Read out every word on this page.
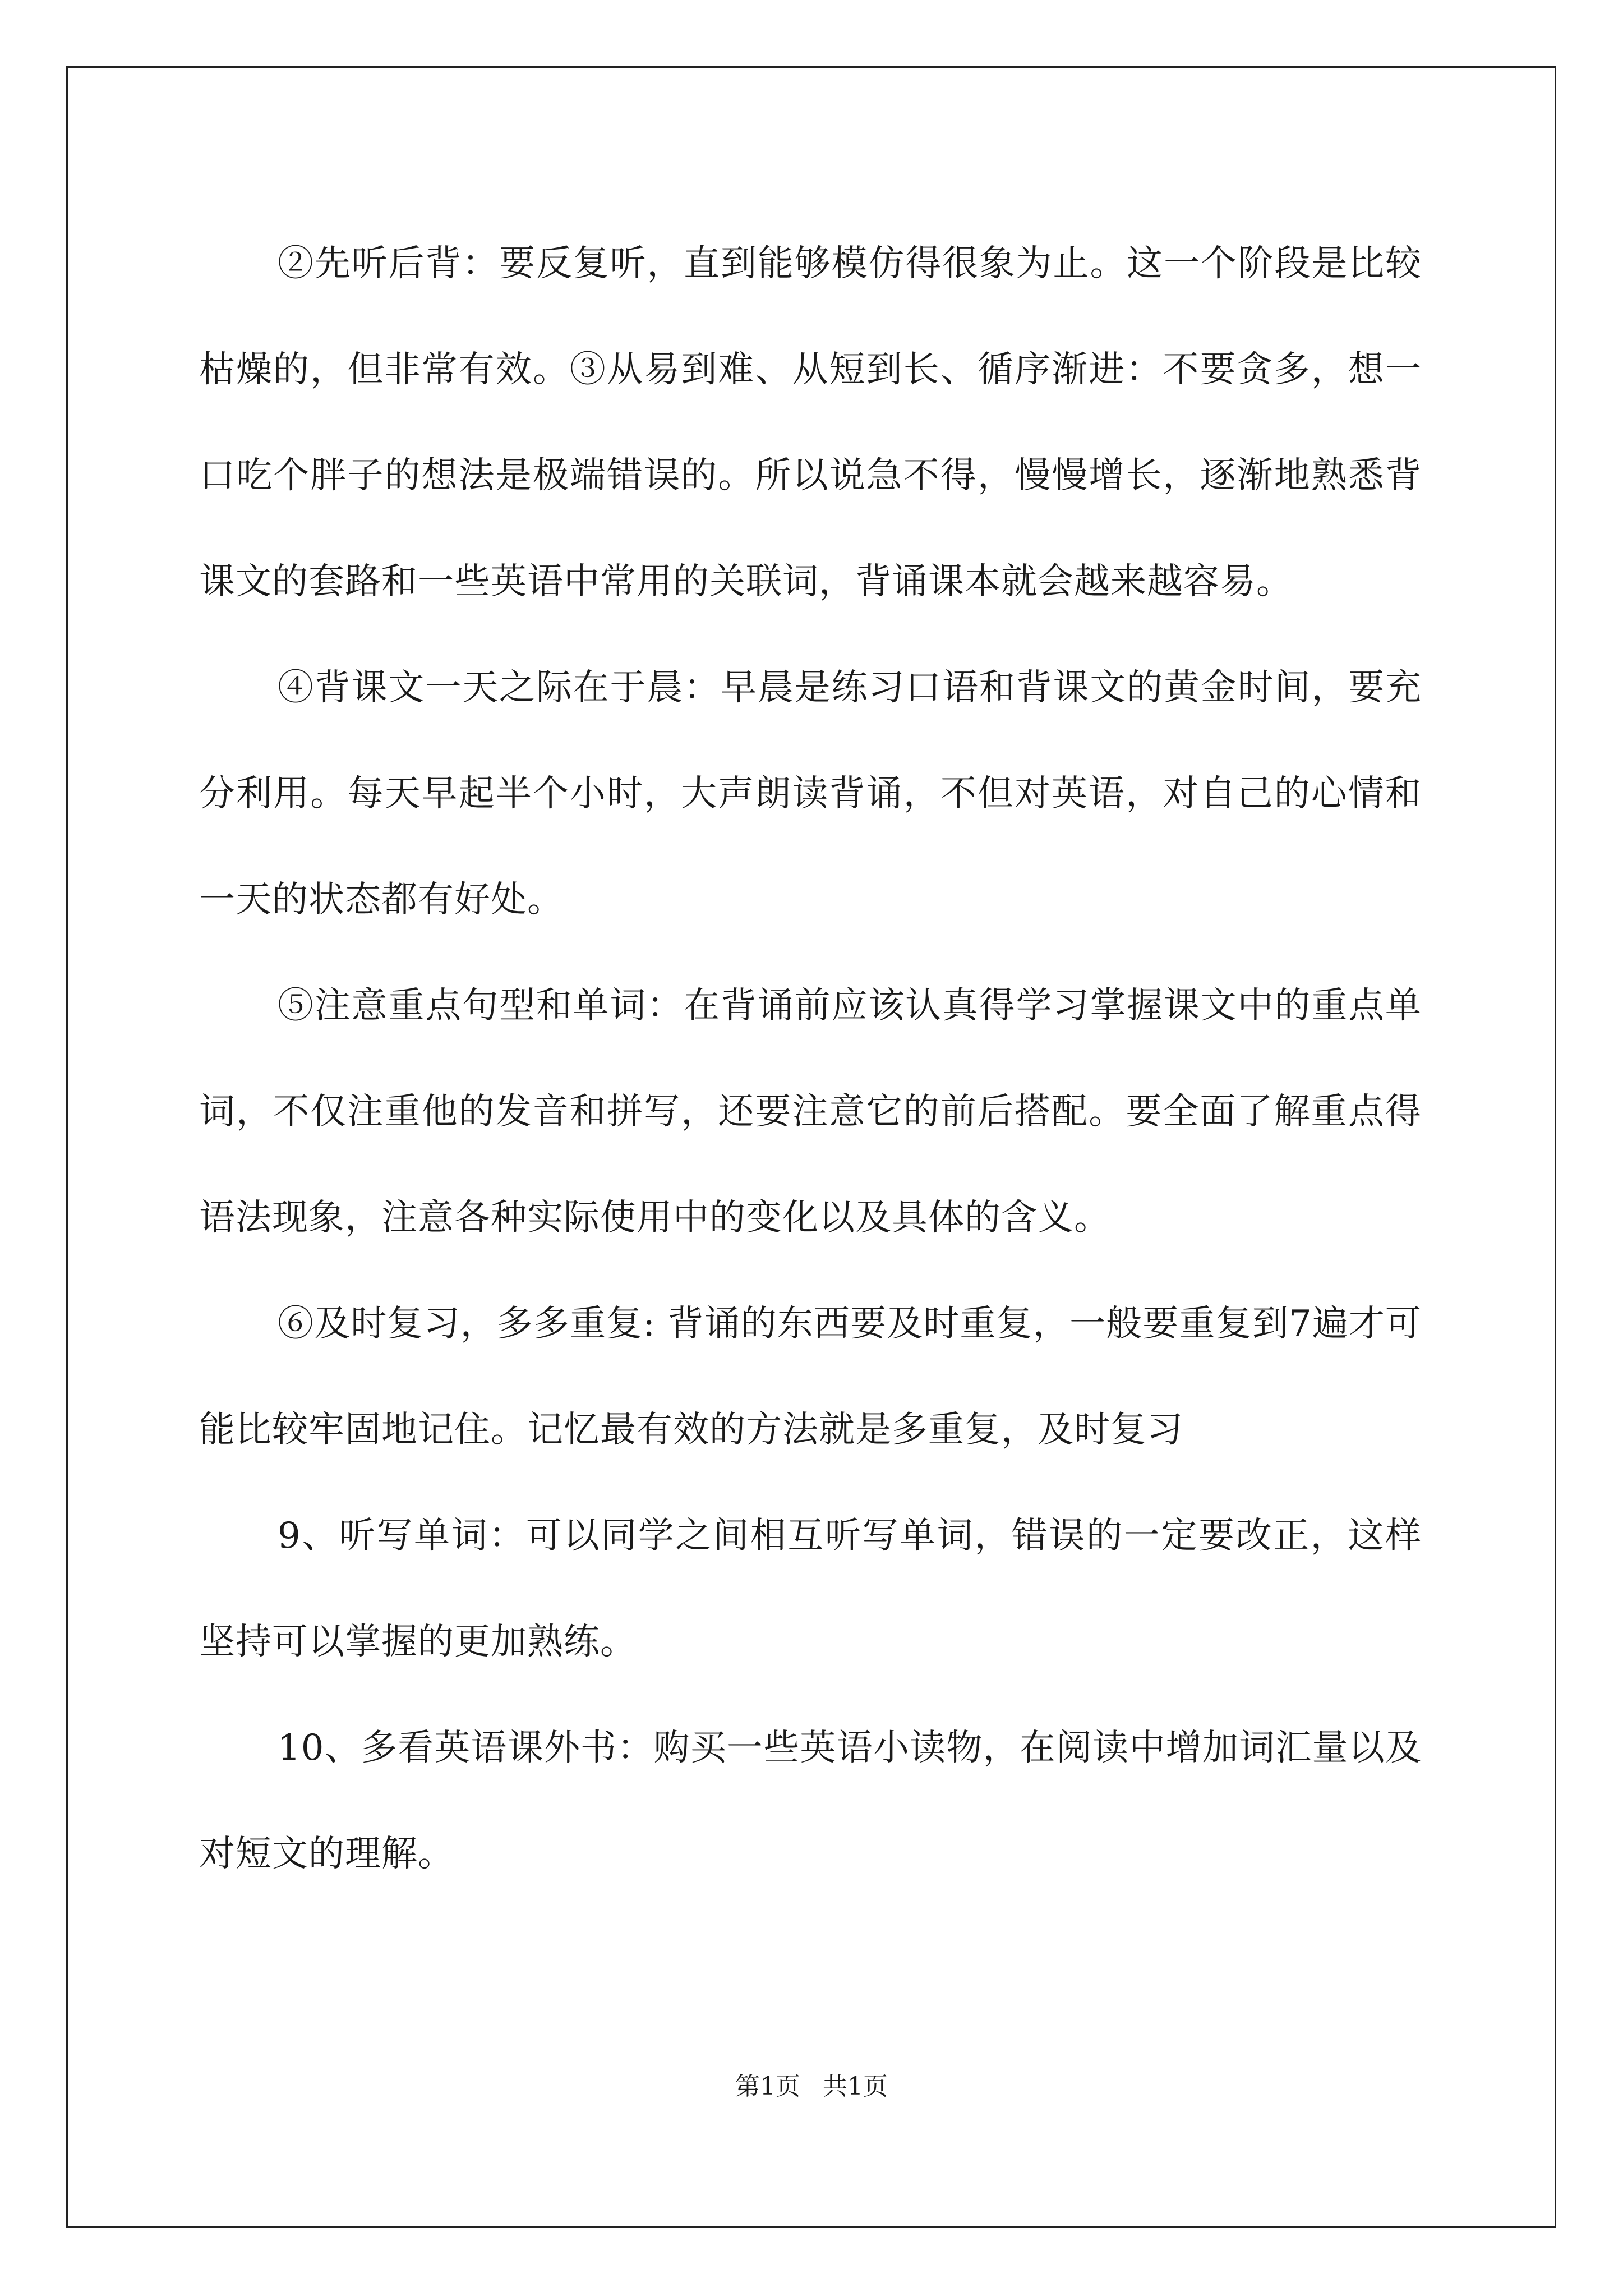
②先听后背：要反复听，直到能够模仿得很象为止。这一个阶段是比较枯燥的，但非常有效。③从易到难、从短到长、循序渐进：不要贪多，想一口吃个胖子的想法是极端错误的。所以说急不得，慢慢增长，逐渐地熟悉背课文的套路和一些英语中常用的关联词，背诵课本就会越来越容易。

④背课文一天之际在于晨：早晨是练习口语和背课文的黄金时间，要充分利用。每天早起半个小时，大声朗读背诵，不但对英语，对自己的心情和一天的状态都有好处。

⑤注意重点句型和单词：在背诵前应该认真得学习掌握课文中的重点单词，不仅注重他的发音和拼写，还要注意它的前后搭配。要全面了解重点得语法现象，注意各种实际使用中的变化以及具体的含义。

⑥及时复习，多多重复: 背诵的东西要及时重复，一般要重复到7遍才可能比较牢固地记住。记忆最有效的方法就是多重复，及时复习

9、听写单词：可以同学之间相互听写单词，错误的一定要改正，这样坚持可以掌握的更加熟练。

10、多看英语课外书：购买一些英语小读物，在阅读中增加词汇量以及对短文的理解。

第1页 共1页
